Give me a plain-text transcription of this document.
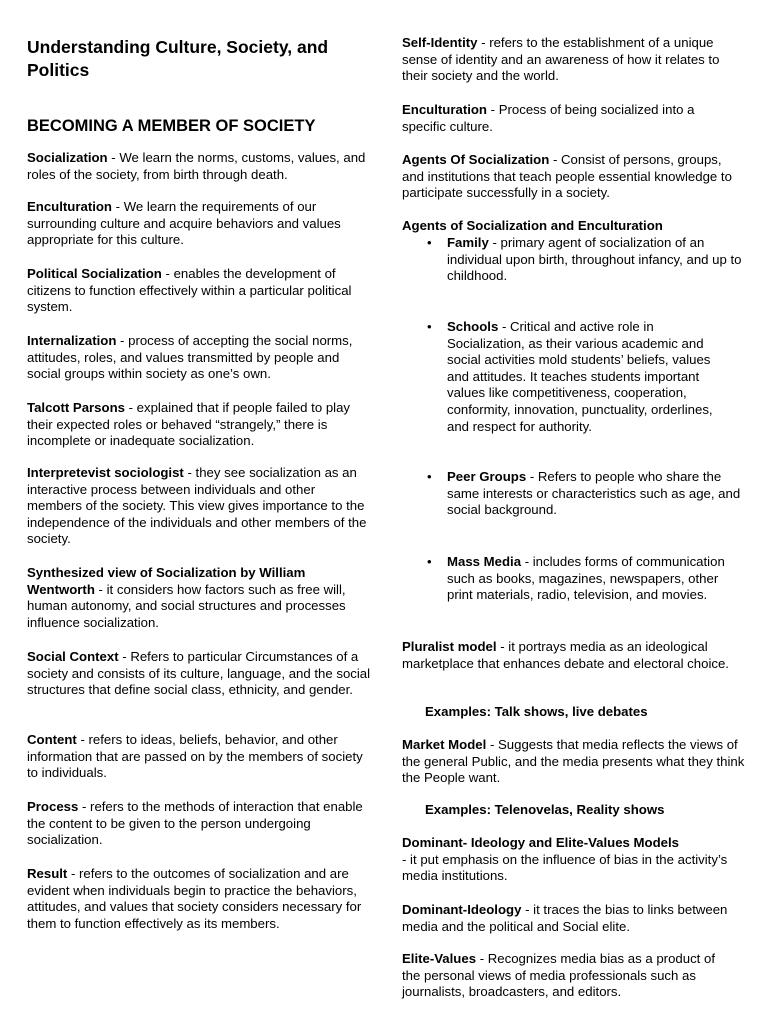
Understanding Culture, Society, and Politics
BECOMING A MEMBER OF SOCIETY

Socialization - We learn the norms, customs, values, and roles of the society, from birth through death.

Enculturation - We learn the requirements of our surrounding culture and acquire behaviors and values appropriate for this culture.

Political Socialization - enables the development of citizens to function effectively within a particular political system.

Internalization - process of accepting the social norms, attitudes, roles, and values transmitted by people and social groups within society as one’s own.

Talcott Parsons - explained that if people failed to play their expected roles or behaved “strangely,” there is incomplete or inadequate socialization.

Interpretevist sociologist - they see socialization as an interactive process between individuals and other members of the society. This view gives importance to the independence of the individuals and other members of the society.

Synthesized view of Socialization by William Wentworth - it considers how factors such as free will, human autonomy, and social structures and processes influence socialization.

Social Context - Refers to particular Circumstances of a society and consists of its culture, language, and the social structures that define social class, ethnicity, and gender.

Content - refers to ideas, beliefs, behavior, and other information that are passed on by the members of society to individuals.

Process - refers to the methods of interaction that enable the content to be given to the person undergoing socialization.

Result - refers to the outcomes of socialization and are evident when individuals begin to practice the behaviors, attitudes, and values that society considers necessary for them to function effectively as its members.

Self-Identity - refers to the establishment of a unique sense of identity and an awareness of how it relates to their society and the world.

Enculturation - Process of being socialized into a specific culture.

Agents Of Socialization - Consist of persons, groups, and institutions that teach people essential knowledge to participate successfully in a society.

Agents of Socialization and Enculturation

• Family - primary agent of socialization of an individual upon birth, throughout infancy, and up to childhood.
• Schools - Critical and active role in Socialization, as their various academic and social activities mold students’ beliefs, values and attitudes. It teaches students important values like competitiveness, cooperation, conformity, innovation, punctuality, orderlines, and respect for authority.
• Peer Groups - Refers to people who share the same interests or characteristics such as age, and social background.
• Mass Media - includes forms of communication such as books, magazines, newspapers, other print materials, radio, television, and movies.

Pluralist model - it portrays media as an ideological marketplace that enhances debate and electoral choice.

Examples: Talk shows, live debates

Market Model - Suggests that media reflects the views of the general Public, and the media presents what they think the People want.

Examples: Telenovelas, Reality shows

Dominant- Ideology and Elite-Values Models
- it put emphasis on the influence of bias in the activity’s media institutions.

Dominant-Ideology - it traces the bias to links between media and the political and Social elite.

Elite-Values - Recognizes media bias as a product of the personal views of media professionals such as journalists, broadcasters, and editors.
